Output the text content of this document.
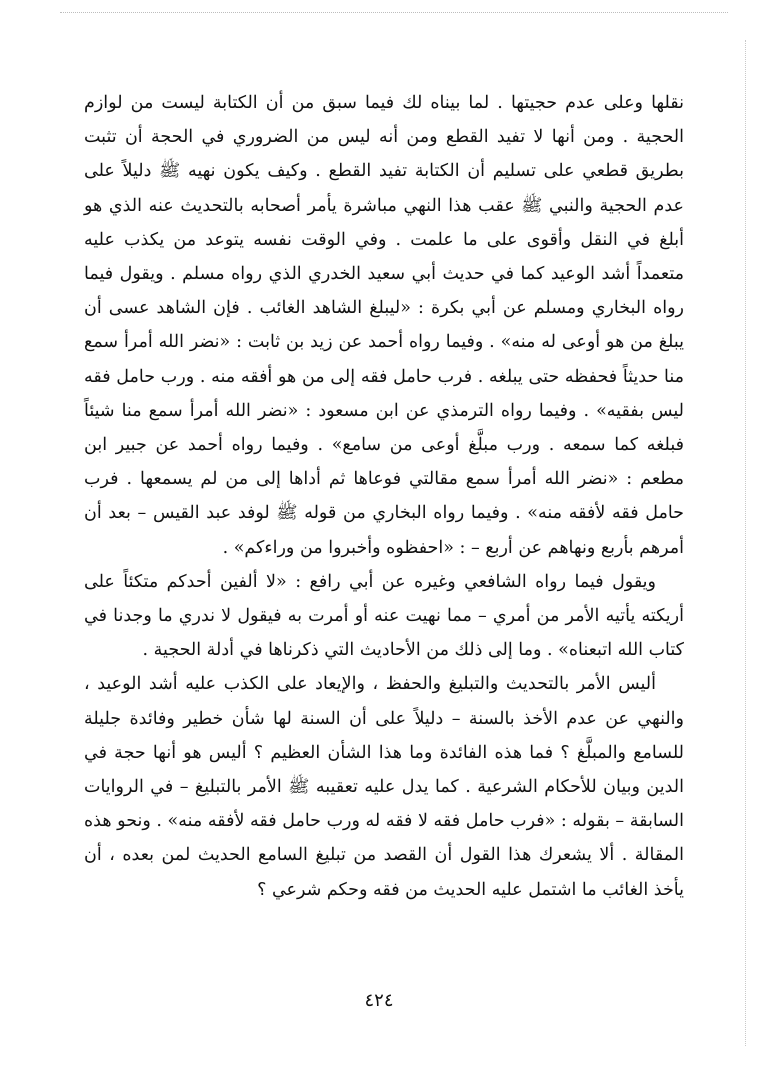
نقلها وعلى عدم حجيتها . لما بيناه لك فيما سبق من أن الكتابة ليست من لوازم الحجية . ومن أنها لا تفيد القطع ومن أنه ليس من الضروري في الحجة أن تثبت بطريق قطعي على تسليم أن الكتابة تفيد القطع . وكيف يكون نهيه ﷺ دليلاً على عدم الحجية والنبي ﷺ عقب هذا النهي مباشرة يأمر أصحابه بالتحديث عنه الذي هو أبلغ في النقل وأقوى على ما علمت . وفي الوقت نفسه يتوعد من يكذب عليه متعمداً أشد الوعيد كما في حديث أبي سعيد الخدري الذي رواه مسلم . ويقول فيما رواه البخاري ومسلم عن أبي بكرة : «ليبلغ الشاهد الغائب . فإن الشاهد عسى أن يبلغ من هو أوعى له منه» . وفيما رواه أحمد عن زيد بن ثابت : «نضر الله أمرأ سمع منا حديثاً فحفظه حتى يبلغه . فرب حامل فقه إلى من هو أفقه منه . ورب حامل فقه ليس بفقيه» . وفيما رواه الترمذي عن ابن مسعود : «نضر الله أمرأ سمع منا شيئاً فبلغه كما سمعه . ورب مبلَّغ أوعى من سامع» . وفيما رواه أحمد عن جبير ابن مطعم : «نضر الله أمرأ سمع مقالتي فوعاها ثم أداها إلى من لم يسمعها . فرب حامل فقه لأفقه منه» . وفيما رواه البخاري من قوله ﷺ لوفد عبد القيس – بعد أن أمرهم بأربع ونهاهم عن أربع – : «احفظوه وأخبروا من وراءكم» .

ويقول فيما رواه الشافعي وغيره عن أبي رافع : «لا ألفين أحدكم متكئاً على أريكته يأتيه الأمر من أمري – مما نهيت عنه أو أمرت به فيقول لا ندري ما وجدنا في كتاب الله اتبعناه» . وما إلى ذلك من الأحاديث التي ذكرناها في أدلة الحجية .

أليس الأمر بالتحديث والتبليغ والحفظ ، والإيعاد على الكذب عليه أشد الوعيد ، والنهي عن عدم الأخذ بالسنة – دليلاً على أن السنة لها شأن خطير وفائدة جليلة للسامع والمبلَّغ ؟ فما هذه الفائدة وما هذا الشأن العظيم ؟ أليس هو أنها حجة في الدين وبيان للأحكام الشرعية . كما يدل عليه تعقيبه ﷺ الأمر بالتبليغ – في الروايات السابقة – بقوله : «فرب حامل فقه لا فقه له ورب حامل فقه لأفقه منه» . ونحو هذه المقالة . ألا يشعرك هذا القول أن القصد من تبليغ السامع الحديث لمن بعده ، أن يأخذ الغائب ما اشتمل عليه الحديث من فقه وحكم شرعي ؟

٤٢٤
